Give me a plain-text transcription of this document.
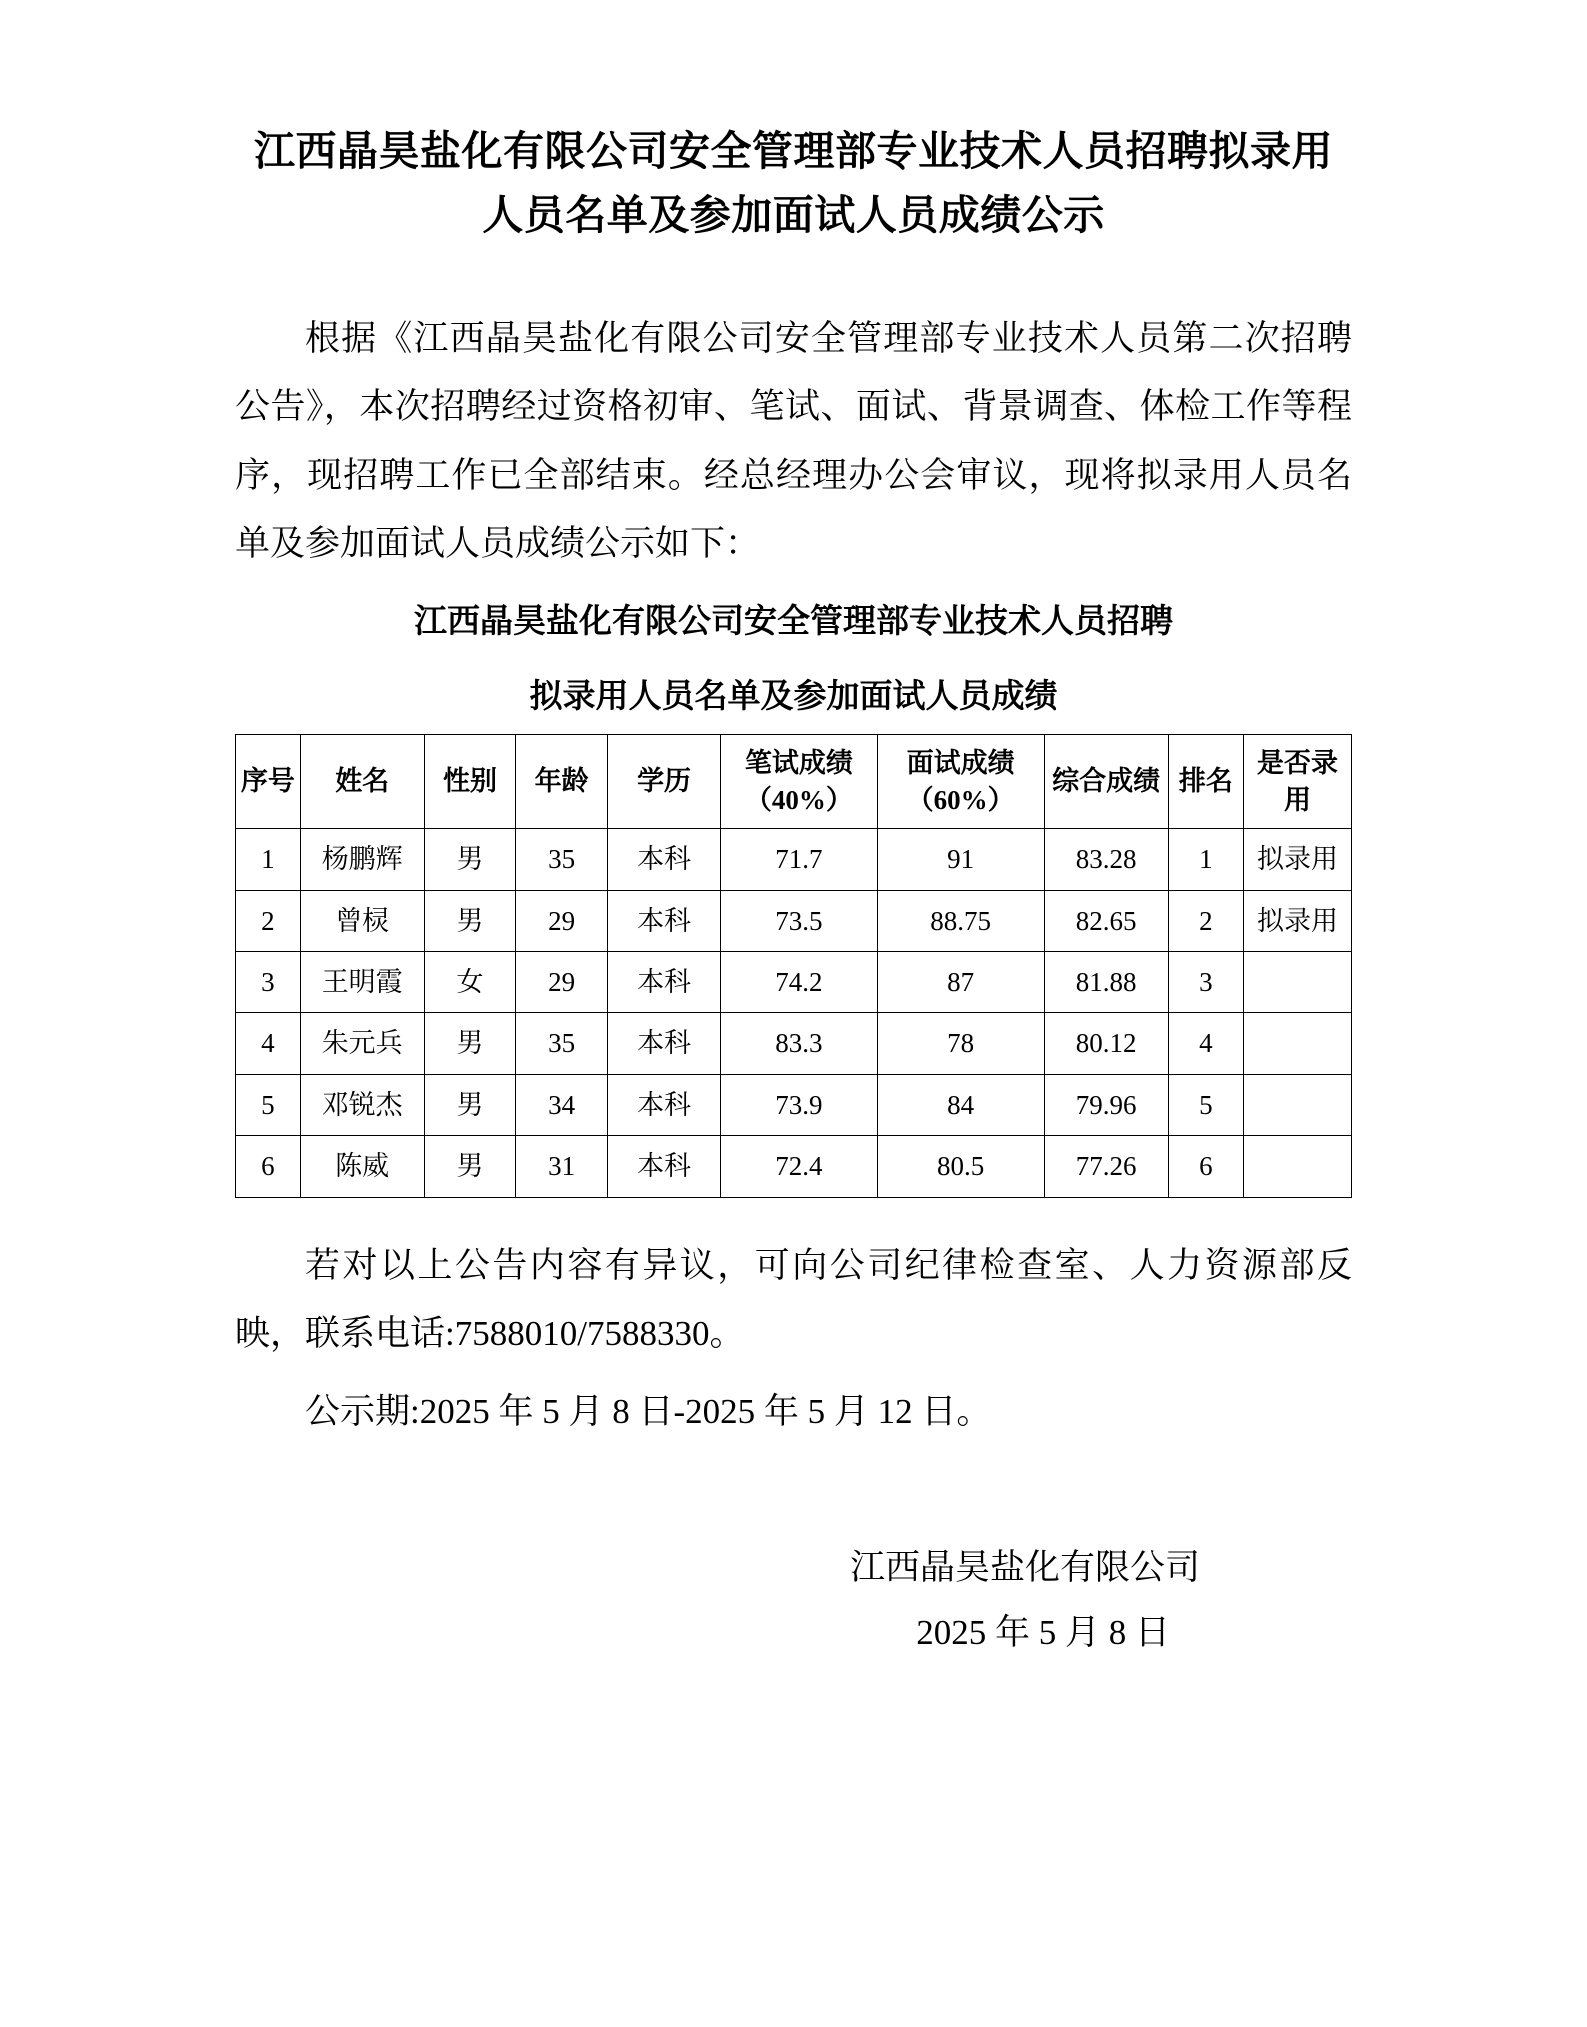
江西晶昊盐化有限公司安全管理部专业技术人员招聘拟录用人员名单及参加面试人员成绩公示

根据《江西晶昊盐化有限公司安全管理部专业技术人员第二次招聘公告》，本次招聘经过资格初审、笔试、面试、背景调查、体检工作等程序，现招聘工作已全部结束。经总经理办公会审议，现将拟录用人员名单及参加面试人员成绩公示如下：

江西晶昊盐化有限公司安全管理部专业技术人员招聘
拟录用人员名单及参加面试人员成绩
序号	姓名	性别	年龄	学历	笔试成绩（40%）	面试成绩（60%）	综合成绩	排名	是否录用
1	杨鹏辉	男	35	本科	71.7	91	83.28	1	拟录用
2	曾棂	男	29	本科	73.5	88.75	82.65	2	拟录用
3	王明霞	女	29	本科	74.2	87	81.88	3	
4	朱元兵	男	35	本科	83.3	78	80.12	4	
5	邓锐杰	男	34	本科	73.9	84	79.96	5	
6	陈威	男	31	本科	72.4	80.5	77.26	6	

若对以上公告内容有异议，可向公司纪律检查室、人力资源部反映，联系电话:7588010/7588330。

公示期:2025 年 5 月 8 日-2025 年 5 月 12 日。

江西晶昊盐化有限公司
2025 年 5 月 8 日
